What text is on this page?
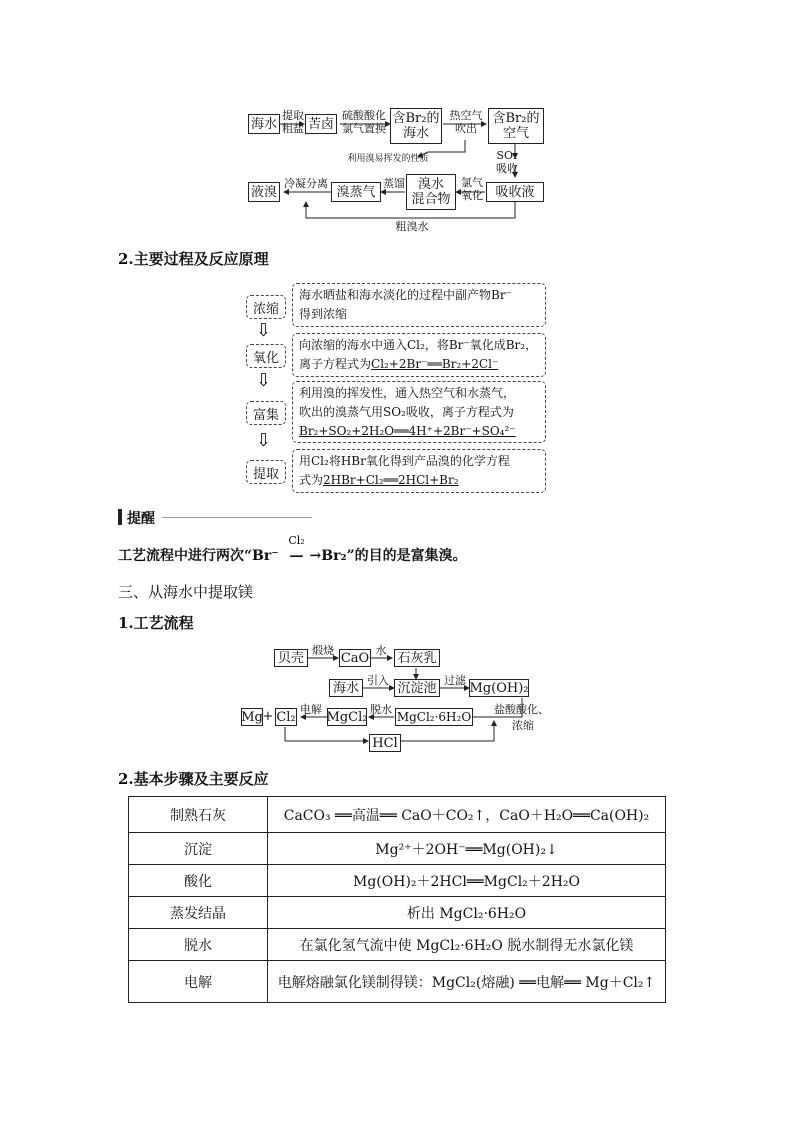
海水
提取
粗盐 苦卤
硫酸酸化
氯气置换
含Br₂的
海水
热空气
吹出
含Br₂的
空气
利用溴易挥发的性质	SO₂
吸收
吸收液
氯气
氧化
溴水
混合物
蒸馏
溴蒸气
冷凝分离
液溴
粗溴水
2.主要过程及反应原理
浓缩
海水晒盐和海水淡化的过程中副产物Br⁻
得到浓缩
⇩
氧化
向浓缩的海水中通入Cl₂，将Br⁻氧化成Br₂，
离子方程式为Cl₂+2Br⁻══Br₂+2Cl⁻
⇩
富集
利用溴的挥发性，通入热空气和水蒸气，
吹出的溴蒸气用SO₂吸收，离子方程式为
Br₂+SO₂+2H₂O══4H⁺+2Br⁻+SO₄²⁻
⇩
提取
用Cl₂将HBr氧化得到产品溴的化学方程
式为2HBr+Cl₂══2HCl+Br₂
提醒
工艺流程中进行两次“Br⁻
Cl₂
—→Br₂”的目的是富集溴。
三、从海水中提取镁
1.工艺流程
贝壳 煅烧 CaO 水 石灰乳
海水 引入 沉淀池 过滤 Mg(OH)₂
盐酸酸化、
浓缩
MgCl₂·6H₂O
脱水
MgCl₂
电解
Cl₂
+
Mg
HCl
2.基本步骤及主要反应
制熟石灰	CaCO₃ ══高温══ CaO＋CO₂↑，CaO＋H₂O══Ca(OH)₂
沉淀	Mg²⁺＋2OH⁻══Mg(OH)₂↓
酸化	Mg(OH)₂＋2HCl══MgCl₂＋2H₂O
蒸发结晶	析出 MgCl₂·6H₂O
脱水	在氯化氢气流中使 MgCl₂·6H₂O 脱水制得无水氯化镁
电解	电解熔融氯化镁制得镁：MgCl₂(熔融) ══电解══ Mg＋Cl₂↑
